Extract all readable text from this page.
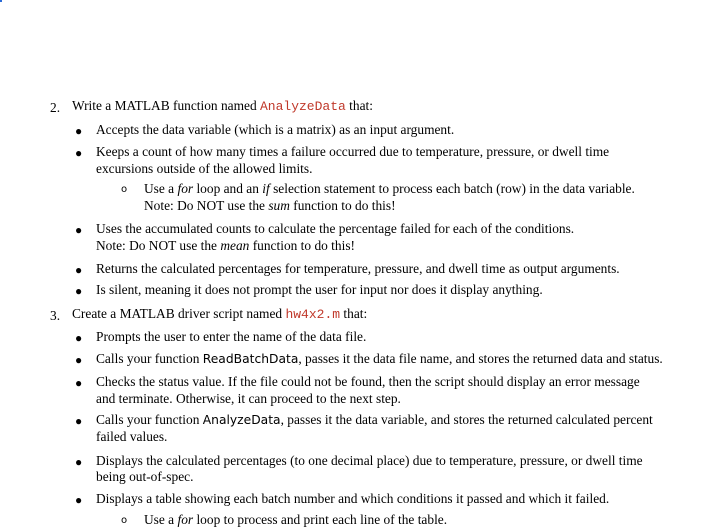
2. Write a MATLAB function named AnalyzeData that:
● Accepts the data variable (which is a matrix) as an input argument.
● Keeps a count of how many times a failure occurred due to temperature, pressure, or dwell time
excursions outside of the allowed limits.
o Use a for loop and an if selection statement to process each batch (row) in the data variable.
Note: Do NOT use the sum function to do this!
● Uses the accumulated counts to calculate the percentage failed for each of the conditions.
Note: Do NOT use the mean function to do this!
● Returns the calculated percentages for temperature, pressure, and dwell time as output arguments.
● Is silent, meaning it does not prompt the user for input nor does it display anything.
3. Create a MATLAB driver script named hw4x2.m that:
● Prompts the user to enter the name of the data file.
● Calls your function ReadBatchData, passes it the data file name, and stores the returned data and status.
● Checks the status value. If the file could not be found, then the script should display an error message
and terminate. Otherwise, it can proceed to the next step.
● Calls your function AnalyzeData, passes it the data variable, and stores the returned calculated percent
failed values.
● Displays the calculated percentages (to one decimal place) due to temperature, pressure, or dwell time
being out-of-spec.
● Displays a table showing each batch number and which conditions it passed and which it failed.
o Use a for loop to process and print each line of the table.
